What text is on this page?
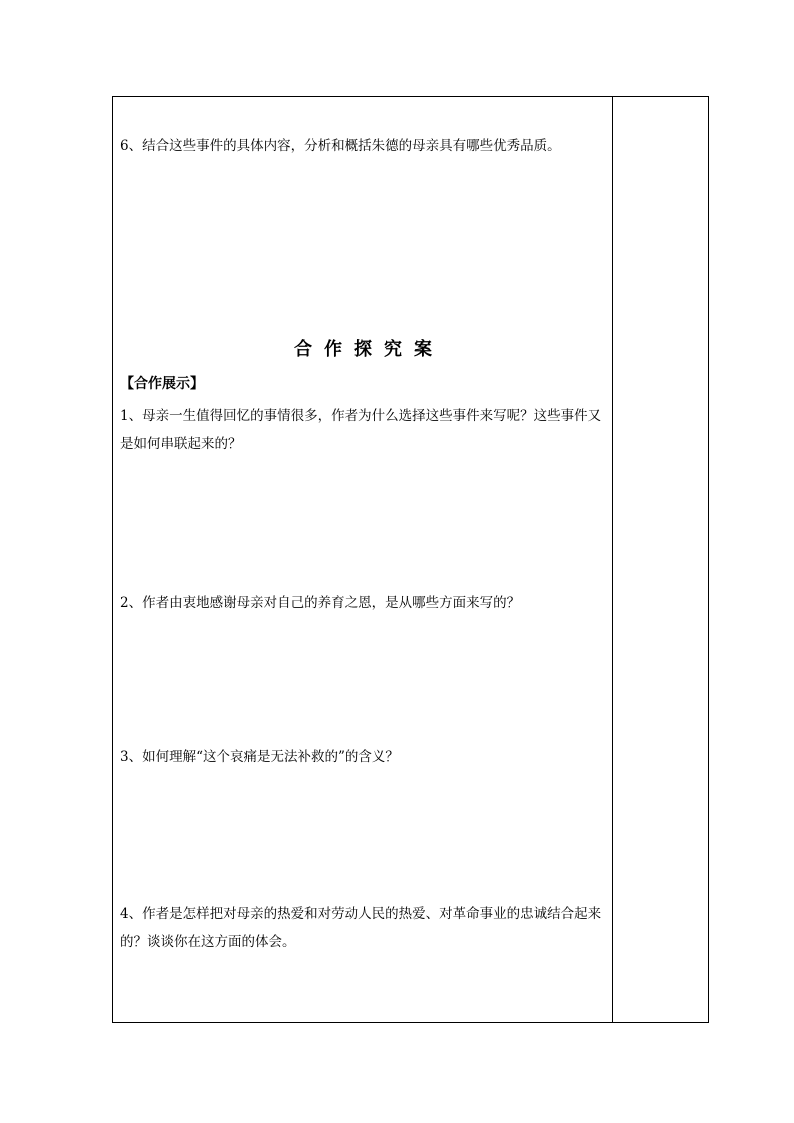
6、结合这些事件的具体内容，分析和概括朱德的母亲具有哪些优秀品质。

合作探究案

【合作展示】

1、母亲一生值得回忆的事情很多，作者为什么选择这些事件来写呢？这些事件又是如何串联起来的？

2、作者由衷地感谢母亲对自己的养育之恩，是从哪些方面来写的？

3、如何理解“这个哀痛是无法补救的”的含义？

4、作者是怎样把对母亲的热爱和对劳动人民的热爱、对革命事业的忠诚结合起来的？谈谈你在这方面的体会。
